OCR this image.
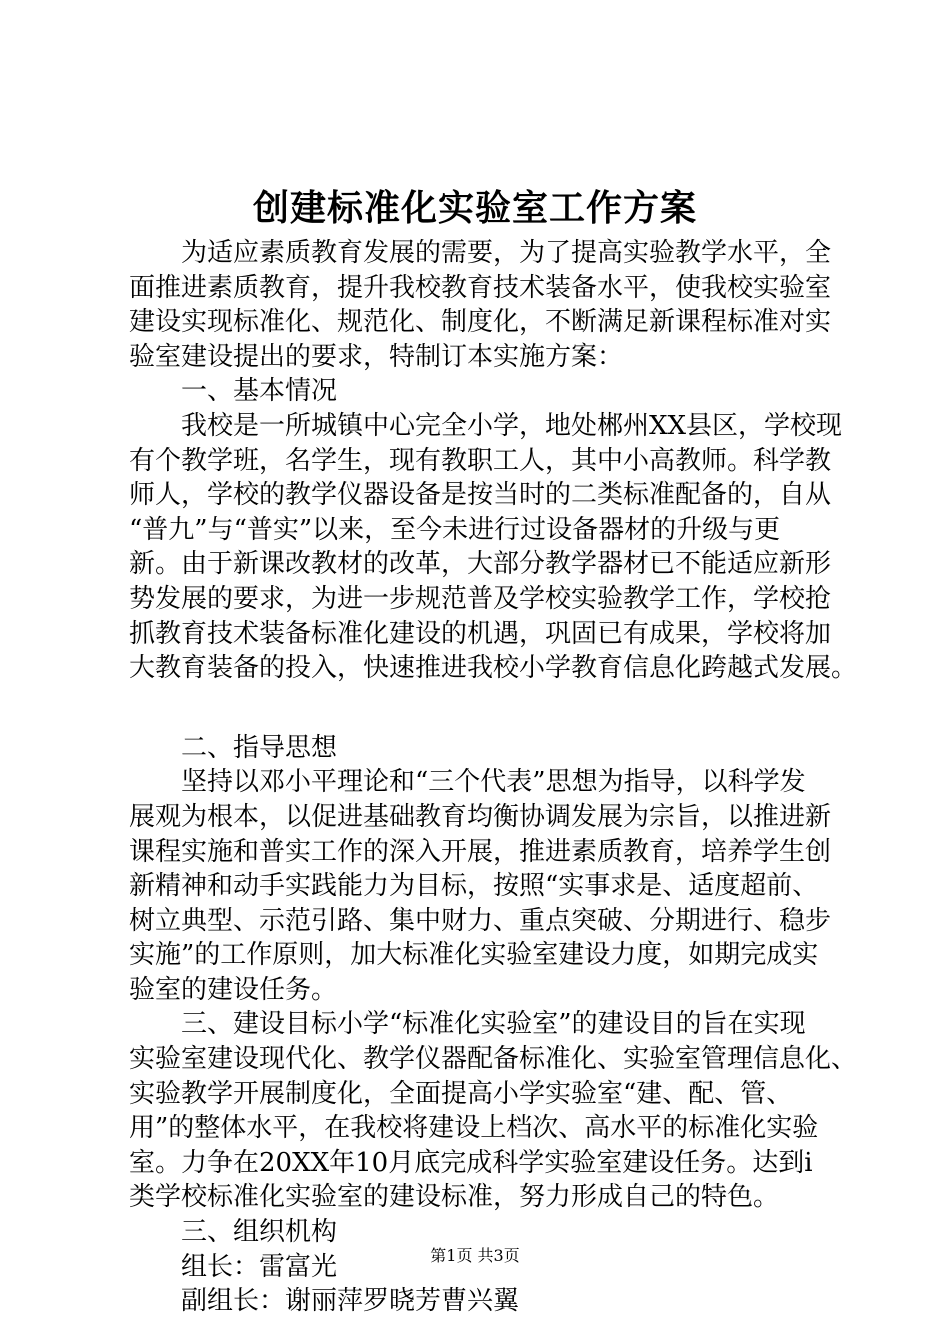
创建标准化实验室工作方案
为适应素质教育发展的需要，为了提高实验教学水平，全
面推进素质教育，提升我校教育技术装备水平，使我校实验室
建设实现标准化、规范化、制度化，不断满足新课程标准对实
验室建设提出的要求，特制订本实施方案：
一、基本情况
我校是一所城镇中心完全小学，地处郴州XX县区，学校现
有个教学班，名学生，现有教职工人，其中小高教师。科学教
师人，学校的教学仪器设备是按当时的二类标准配备的，自从
“普九”与“普实”以来，至今未进行过设备器材的升级与更
新。由于新课改教材的改革，大部分教学器材已不能适应新形
势发展的要求，为进一步规范普及学校实验教学工作，学校抢
抓教育技术装备标准化建设的机遇，巩固已有成果，学校将加
大教育装备的投入，快速推进我校小学教育信息化跨越式发展。
二、指导思想
坚持以邓小平理论和“三个代表”思想为指导，以科学发
展观为根本，以促进基础教育均衡协调发展为宗旨，以推进新
课程实施和普实工作的深入开展，推进素质教育，培养学生创
新精神和动手实践能力为目标，按照“实事求是、适度超前、
树立典型、示范引路、集中财力、重点突破、分期进行、稳步
实施”的工作原则，加大标准化实验室建设力度，如期完成实
验室的建设任务。
三、建设目标小学“标准化实验室”的建设目的旨在实现
实验室建设现代化、教学仪器配备标准化、实验室管理信息化、
实验教学开展制度化，全面提高小学实验室“建、配、管、
用”的整体水平，在我校将建设上档次、高水平的标准化实验
室。力争在20XX年10月底完成科学实验室建设任务。达到i
类学校标准化实验室的建设标准，努力形成自己的特色。
三、组织机构
组长：雷富光
副组长：谢丽萍罗晓芳曹兴翼
第1页 共3页
